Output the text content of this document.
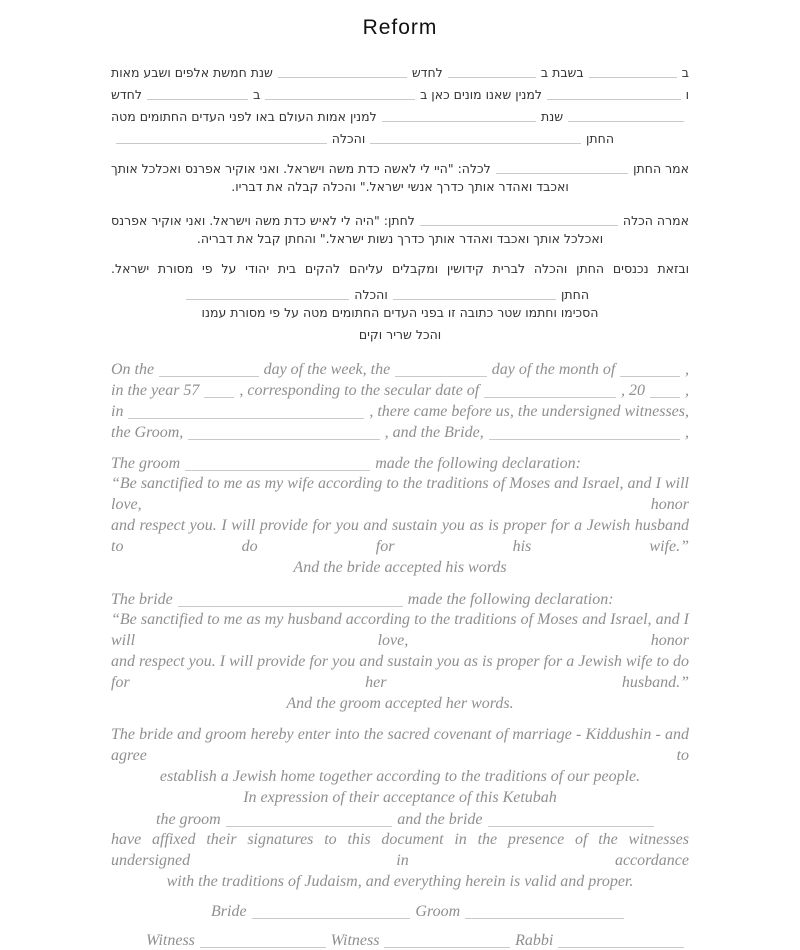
Reform
ב
בשבת ב
לחדש
שנת חמשת אלפים ושבע מאות
ו
למנין שאנו מונים כאן ב
ב
לחדש
שנת
למנין אמות העולם באו לפני העדים החתומים מטה
החתן
והכלה
אמר החתן
לכלה: "היי לי לאשה כדת משה וישראל. ואני אוקיר אפרנס ואכלכל אותך
ואכבד ואהדר אותך כדרך אנשי ישראל." והכלה קבלה את דבריו.
אמרה הכלה
לחתן: "היה לי לאיש כדת משה וישראל. ואני אוקיר אפרנס
ואכלכל אותך ואכבד ואהדר אותך כדרך נשות ישראל." והחתן קבל את דבריה.
ובזאת נכנסים החתן והכלה לברית קידושין ומקבלים עליהם להקים בית יהודי על פי מסורת ישראל.
החתן
והכלה
הסכימו וחתמו שטר כתובה זו בפני העדים החתומים מטה על פי מסורת עמנו
והכל שריר וקים
On the	day of the week, the	day of the month of	,
in the year 57	, corresponding to the secular date of	, 20	,
in	, there came before us, the undersigned witnesses,
the Groom,	, and the Bride,	,
The groom	made the following declaration:
“Be sanctified to me as my wife according to the traditions of Moses and Israel, and I will love, honor
and respect you. I will provide for you and sustain you as is proper for a Jewish husband to do for his wife.”
And the bride accepted his words
The bride	made the following declaration:
“Be sanctified to me as my husband according to the traditions of Moses and Israel, and I will love, honor
and respect you. I will provide for you and sustain you as is proper for a Jewish wife to do for her husband.”
And the groom accepted her words.
The bride and groom hereby enter into the sacred covenant of marriage - Kiddushin - and agree to
establish a Jewish home together according to the traditions of our people.
In expression of their acceptance of this Ketubah
the groom	and the bride
have affixed their signatures to this document in the presence of the witnesses undersigned in accordance
with the traditions of Judaism, and everything herein is valid and proper.
Bride	Groom
Witness	Witness	Rabbi
